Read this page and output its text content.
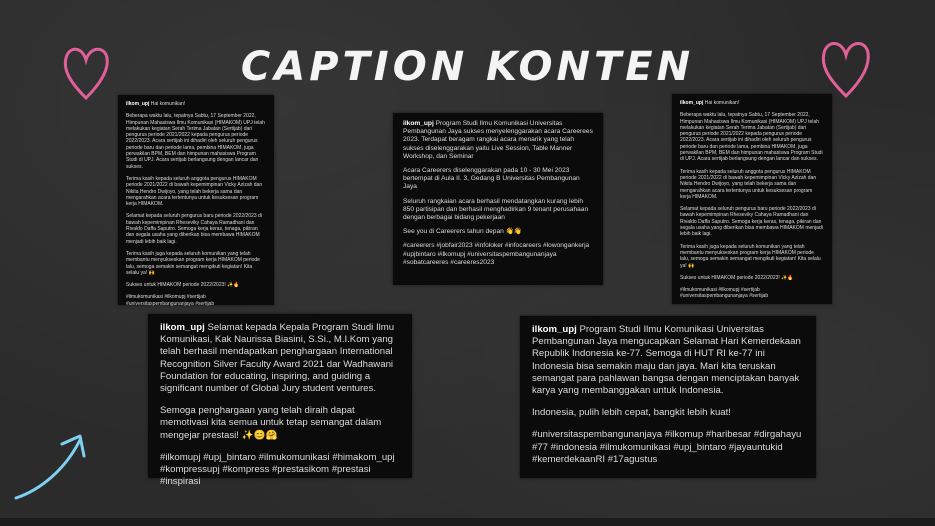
CAPTION KONTEN

ilkom_upj Hai komunikan!

Beberapa waktu lalu, tepatnya Sabtu, 17 September 2022, Himpunan Mahasiswa Ilmu Komunikasi (HIMAKOM) UPJ telah melakukan kegiatan Serah Terima Jabatan (Sertijab) dari pengurus periode 2021/2022 kepada pengurus periode 2022/2023. Acara sertijab ini dihadiri oleh seluruh pengurus periode baru dan periode lama, pembina HIMAKOM, juga perwakilan BPM, BEM dan himpunan mahasiswa Program Studi di UPJ. Acara sertijab berlangsung dengan lancar dan sukses.

Terima kasih kepada seluruh anggota pengurus HIMAKOM periode 2021/2022 di bawah kepemimpinan Vicky Azizah dan Nikita Hendro Dwijoyo, yang telah bekerja sama dan mengarahkan acara tertentunya untuk kesuksesan program kerja HIMAKOM.

Selamat kepada seluruh pengurus baru periode 2022/2023 di bawah kepemimpinan Rheseviky Cahaya Ramadhani dan Rivaldo Daffa Saputro. Semoga kerja keras, tenaga, pikiran dan segala usaha yang diberikan bisa membawa HIMAKOM menjadi lebih baik lagi.

Terima kasih juga kepada seluruh komunikan yang telah membantu menyukseskan program kerja HIMAKOM periode lalu, semoga semakin semangat mengikuti kegiatan! Kita selalu ya! 🙌

Sukses untuk HIMAKOM periode 2022/2023! ✨🔥

#ilmukomunikasi #ilkomupj #sertijab #universitaspembangunanjaya #sertijab

ilkom_upj Program Studi Ilmu Komunikasi Universitas Pembangunan Jaya sukses menyelenggarakan acara Careerees 2023. Terdapat beragam rangkai acara menarik yang telah sukses diselenggarakan yaitu Live Session, Table Manner Workshop, dan Seminar

Acara Careerers diselenggarakan pada 10 - 30 Mei 2023 bertempat di Aula II. 3, Gedang B Universitas Pembangunan Jaya

Seluruh rangkaian acara berhasil mendatangkan kurang lebih 850 partisipan dan berhasil menghadirkan 9 tenant perusahaan dengan berbagai bidang pekerjaan

See you di Careerers tahun depan 👋👋

#careerers #jobfair2023 #infoloker #infocareers #lowongankerja #upjbintaro #ilkomupj #universitaspembangunanjaya #sobatcareeres #careeres2023

ilkom_upj Hai komunikan!

Beberapa waktu lalu, tepatnya Sabtu, 17 September 2022, Himpunan Mahasiswa Ilmu Komunikasi (HIMAKOM) UPJ telah melakukan kegiatan Serah Terima Jabatan (Sertijab) dari pengurus periode 2021/2022 kepada pengurus periode 2022/2023. Acara sertijab ini dihadiri oleh seluruh pengurus periode baru dan periode lama, pembina HIMAKOM, juga perwakilan BPM, BEM dan himpunan mahasiswa Program Studi di UPJ. Acara sertijab berlangsung dengan lancar dan sukses.

Terima kasih kepada seluruh anggota pengurus HIMAKOM periode 2021/2022 di bawah kepemimpinan Vicky Azizah dan Nikita Hendro Dwijoyo, yang telah bekerja sama dan mengarahkan acara tertentunya untuk kesuksesan program kerja HIMAKOM.

Selamat kepada seluruh pengurus baru periode 2022/2023 di bawah kepemimpinan Rheseviky Cahaya Ramadhani dan Rivaldo Daffa Saputro. Semoga kerja keras, tenaga, pikiran dan segala usaha yang diberikan bisa membawa HIMAKOM menjadi lebih baik lagi.

Terima kasih juga kepada seluruh komunikan yang telah membantu menyukseskan program kerja HIMAKOM periode lalu, semoga semakin semangat mengikuti kegiatan! Kita selalu ya! 🙌

Sukses untuk HIMAKOM periode 2022/2023! ✨🔥

#ilmukomunikasi #ilkomupj #sertijab #universitaspembangunanjaya #sertijab

ilkom_upj Selamat kepada Kepala Program Studi Ilmu Komunikasi, Kak Naurissa Biasini, S.Si., M.I.Kom yang telah berhasil mendapatkan penghargaan International Recognition Silver Faculty Award 2021 dar Wadhawani Foundation for educating, inspiring, and guiding a significant number of Global Jury student ventures.

Semoga penghargaan yang telah diraih dapat memotivasi kita semua untuk tetap semangat dalam mengejar prestasi! ✨😊🤗

#ilkomupj #upj_bintaro #ilmukomunikasi #himakom_upj #kompressupj #kompress #prestasikom #prestasi #inspirasi

ilkom_upj Program Studi Ilmu Komunikasi Universitas Pembangunan Jaya mengucapkan Selamat Hari Kemerdekaan Republik Indonesia ke-77. Semoga di HUT RI ke-77 ini Indonesia bisa semakin maju dan jaya. Mari kita teruskan semangat para pahlawan bangsa dengan menciptakan banyak karya yang membanggakan untuk Indonesia.

Indonesia, pulih lebih cepat, bangkit lebih kuat!

#universitaspembangunanjaya #ilkomup #haribesar #dirgahayu #77 #indonesia #ilmukomunikasi #upj_bintaro #jayauntukid #kemerdekaanRI #17agustus
